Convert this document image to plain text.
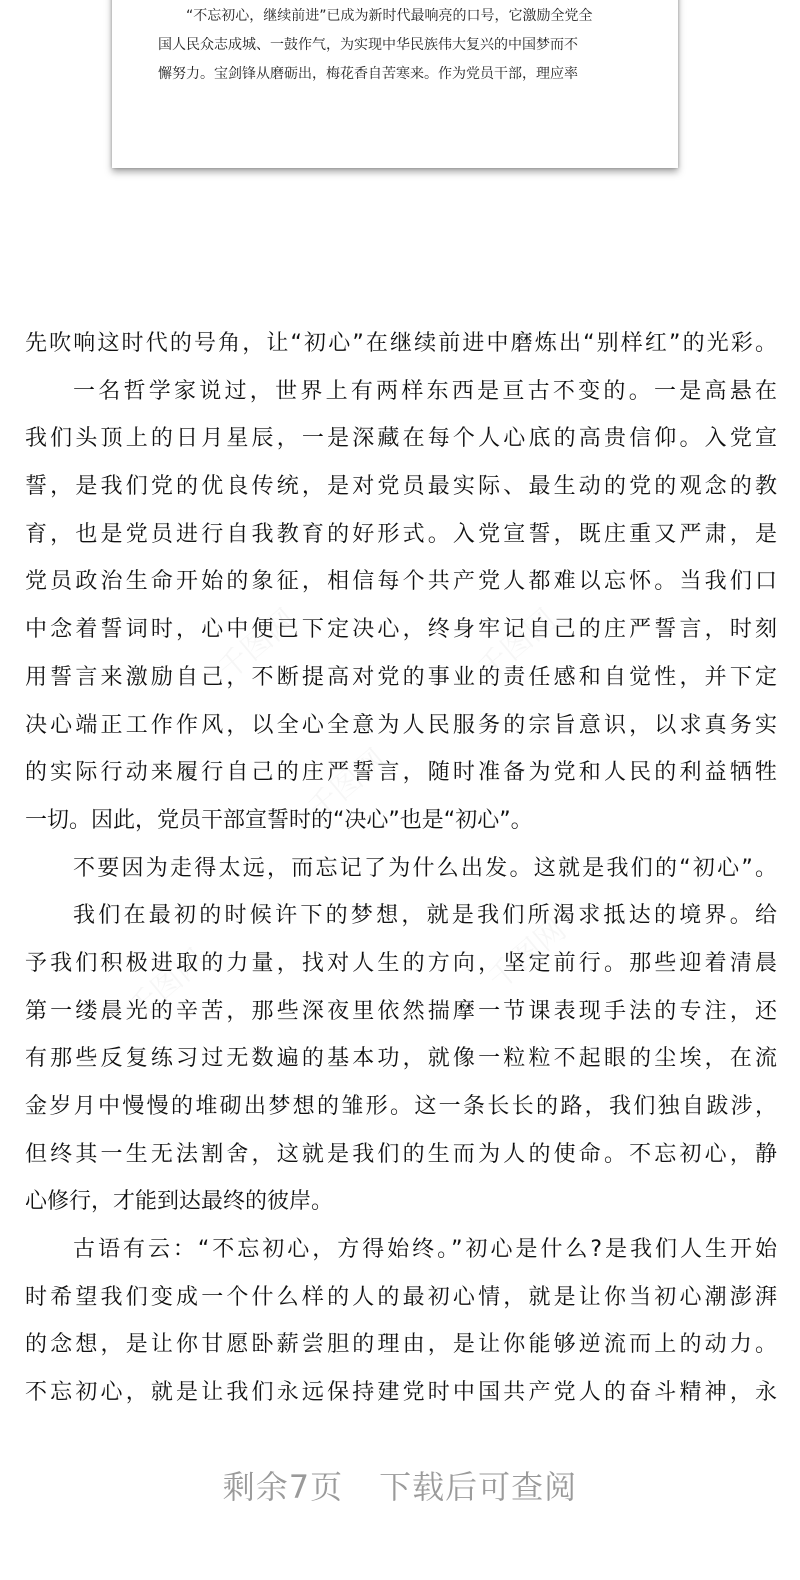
“不忘初心，继续前进”已成为新时代最响亮的口号，它激励全党全
国人民众志成城、一鼓作气，为实现中华民族伟大复兴的中国梦而不
懈努力。宝剑锋从磨砺出，梅花香自苦寒来。作为党员干部，理应率

先吹响这时代的号角，让“初心”在继续前进中磨炼出“别样红”的光彩。
一名哲学家说过，世界上有两样东西是亘古不变的。一是高悬在
我们头顶上的日月星辰，一是深藏在每个人心底的高贵信仰。入党宣
誓，是我们党的优良传统，是对党员最实际、最生动的党的观念的教
育，也是党员进行自我教育的好形式。入党宣誓，既庄重又严肃，是
党员政治生命开始的象征，相信每个共产党人都难以忘怀。当我们口
中念着誓词时，心中便已下定决心，终身牢记自己的庄严誓言，时刻
用誓言来激励自己，不断提高对党的事业的责任感和自觉性，并下定
决心端正工作作风，以全心全意为人民服务的宗旨意识，以求真务实
的实际行动来履行自己的庄严誓言，随时准备为党和人民的利益牺牲
一切。因此，党员干部宣誓时的“决心”也是“初心”。
不要因为走得太远，而忘记了为什么出发。这就是我们的“初心”。
我们在最初的时候许下的梦想，就是我们所渴求抵达的境界。给
予我们积极进取的力量，找对人生的方向，坚定前行。那些迎着清晨
第一缕晨光的辛苦，那些深夜里依然揣摩一节课表现手法的专注，还
有那些反复练习过无数遍的基本功，就像一粒粒不起眼的尘埃，在流
金岁月中慢慢的堆砌出梦想的雏形。这一条长长的路，我们独自跋涉，
但终其一生无法割舍，这就是我们的生而为人的使命。不忘初心，静
心修行，才能到达最终的彼岸。
古语有云：“不忘初心，方得始终。”初心是什么?是我们人生开始
时希望我们变成一个什么样的人的最初心情，就是让你当初心潮澎湃
的念想，是让你甘愿卧薪尝胆的理由，是让你能够逆流而上的动力。
不忘初心，就是让我们永远保持建党时中国共产党人的奋斗精神，永
剩余7页 下载后可查阅
